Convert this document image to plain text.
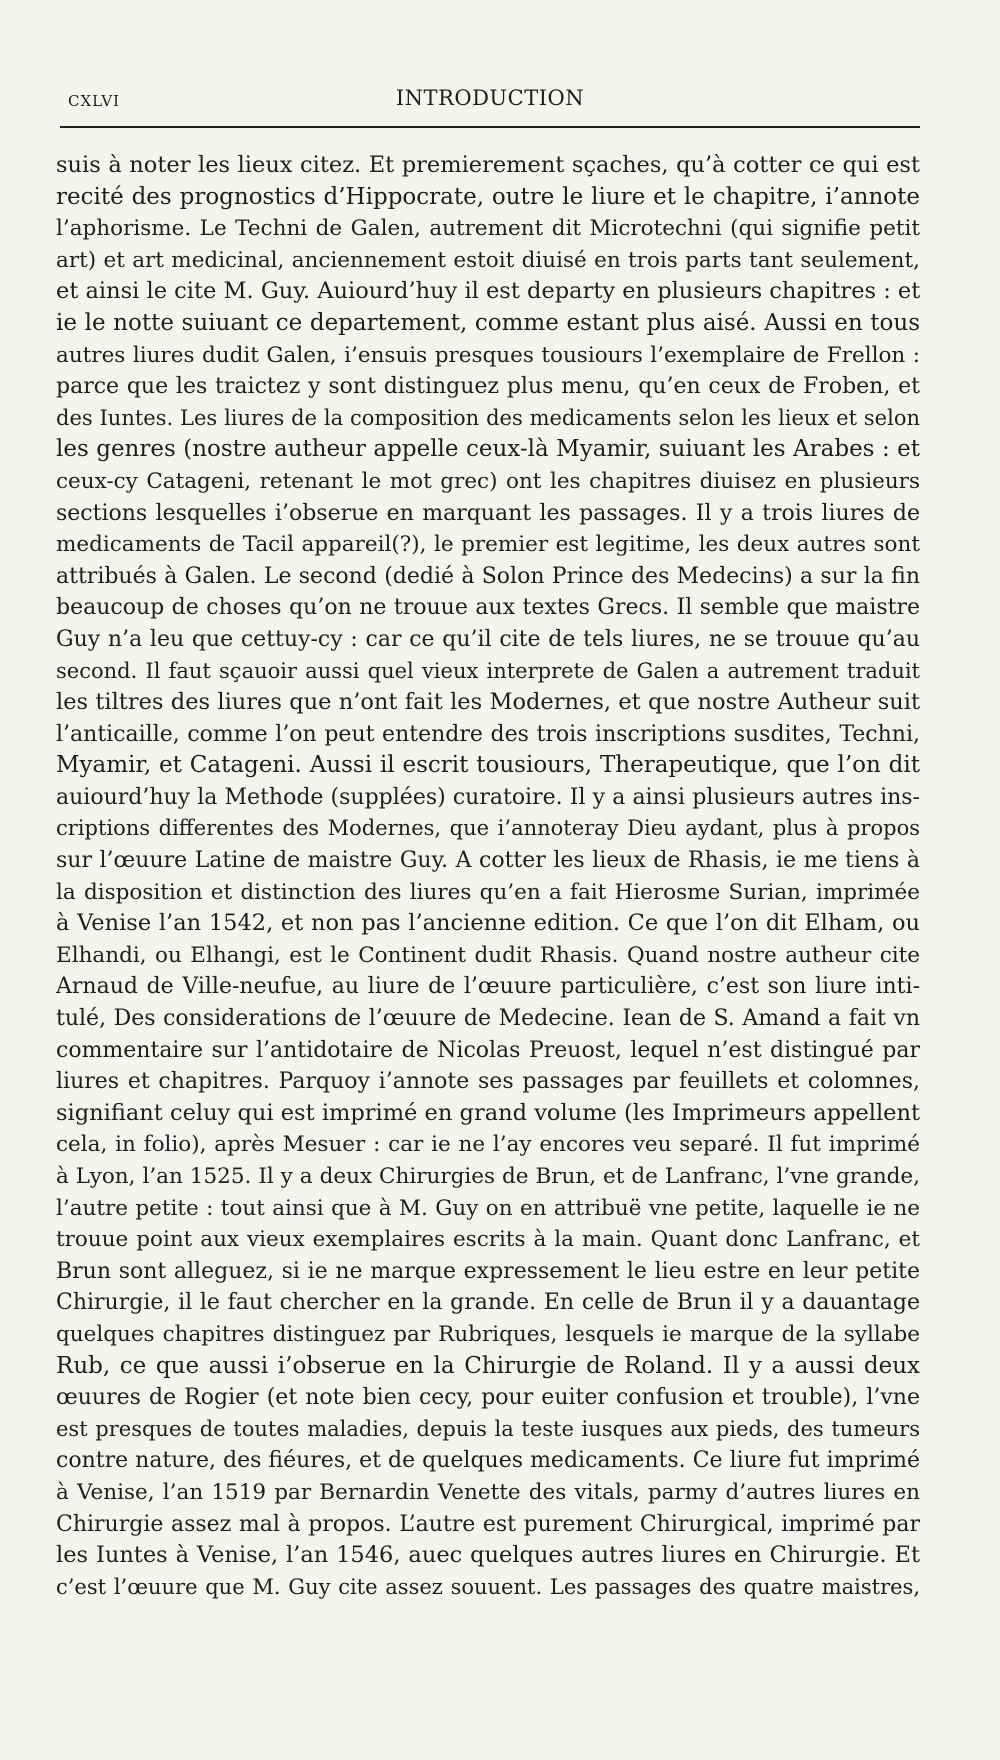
CXLVI	INTRODUCTION
suis à noter les lieux citez. Et premierement sçaches, qu’à cotter ce qui est
recité des prognostics d’Hippocrate, outre le liure et le chapitre, i’annote
l’aphorisme. Le Techni de Galen, autrement dit Microtechni (qui signifie petit
art) et art medicinal, anciennement estoit diuisé en trois parts tant seulement,
et ainsi le cite M. Guy. Auiourd’huy il est departy en plusieurs chapitres : et
ie le notte suiuant ce departement, comme estant plus aisé. Aussi en tous
autres liures dudit Galen, i’ensuis presques tousiours l’exemplaire de Frellon :
parce que les traictez y sont distinguez plus menu, qu’en ceux de Froben, et
des Iuntes. Les liures de la composition des medicaments selon les lieux et selon
les genres (nostre autheur appelle ceux-là Myamir, suiuant les Arabes : et
ceux-cy Catageni, retenant le mot grec) ont les chapitres diuisez en plusieurs
sections lesquelles i’obserue en marquant les passages. Il y a trois liures de
medicaments de Tacil appareil(?), le premier est legitime, les deux autres sont
attribués à Galen. Le second (dedié à Solon Prince des Medecins) a sur la fin
beaucoup de choses qu’on ne trouue aux textes Grecs. Il semble que maistre
Guy n’a leu que cettuy-cy : car ce qu’il cite de tels liures, ne se trouue qu’au
second. Il faut sçauoir aussi quel vieux interprete de Galen a autrement traduit
les tiltres des liures que n’ont fait les Modernes, et que nostre Autheur suit
l’anticaille, comme l’on peut entendre des trois inscriptions susdites, Techni,
Myamir, et Catageni. Aussi il escrit tousiours, Therapeutique, que l’on dit
auiourd’huy la Methode (supplées) curatoire. Il y a ainsi plusieurs autres ins-
criptions differentes des Modernes, que i’annoteray Dieu aydant, plus à propos
sur l’œuure Latine de maistre Guy. A cotter les lieux de Rhasis, ie me tiens à
la disposition et distinction des liures qu’en a fait Hierosme Surian, imprimée
à Venise l’an 1542, et non pas l’ancienne edition. Ce que l’on dit Elham, ou
Elhandi, ou Elhangi, est le Continent dudit Rhasis. Quand nostre autheur cite
Arnaud de Ville-neufue, au liure de l’œuure particulière, c’est son liure inti-
tulé, Des considerations de l’œuure de Medecine. Iean de S. Amand a fait vn
commentaire sur l’antidotaire de Nicolas Preuost, lequel n’est distingué par
liures et chapitres. Parquoy i’annote ses passages par feuillets et colomnes,
signifiant celuy qui est imprimé en grand volume (les Imprimeurs appellent
cela, in folio), après Mesuer : car ie ne l’ay encores veu separé. Il fut imprimé
à Lyon, l’an 1525. Il y a deux Chirurgies de Brun, et de Lanfranc, l’vne grande,
l’autre petite : tout ainsi que à M. Guy on en attribuë vne petite, laquelle ie ne
trouue point aux vieux exemplaires escrits à la main. Quant donc Lanfranc, et
Brun sont alleguez, si ie ne marque expressement le lieu estre en leur petite
Chirurgie, il le faut chercher en la grande. En celle de Brun il y a dauantage
quelques chapitres distinguez par Rubriques, lesquels ie marque de la syllabe
Rub, ce que aussi i’obserue en la Chirurgie de Roland. Il y a aussi deux
œuures de Rogier (et note bien cecy, pour euiter confusion et trouble), l’vne
est presques de toutes maladies, depuis la teste iusques aux pieds, des tumeurs
contre nature, des fiéures, et de quelques medicaments. Ce liure fut imprimé
à Venise, l’an 1519 par Bernardin Venette des vitals, parmy d’autres liures en
Chirurgie assez mal à propos. L’autre est purement Chirurgical, imprimé par
les Iuntes à Venise, l’an 1546, auec quelques autres liures en Chirurgie. Et
c’est l’œuure que M. Guy cite assez souuent. Les passages des quatre maistres,
